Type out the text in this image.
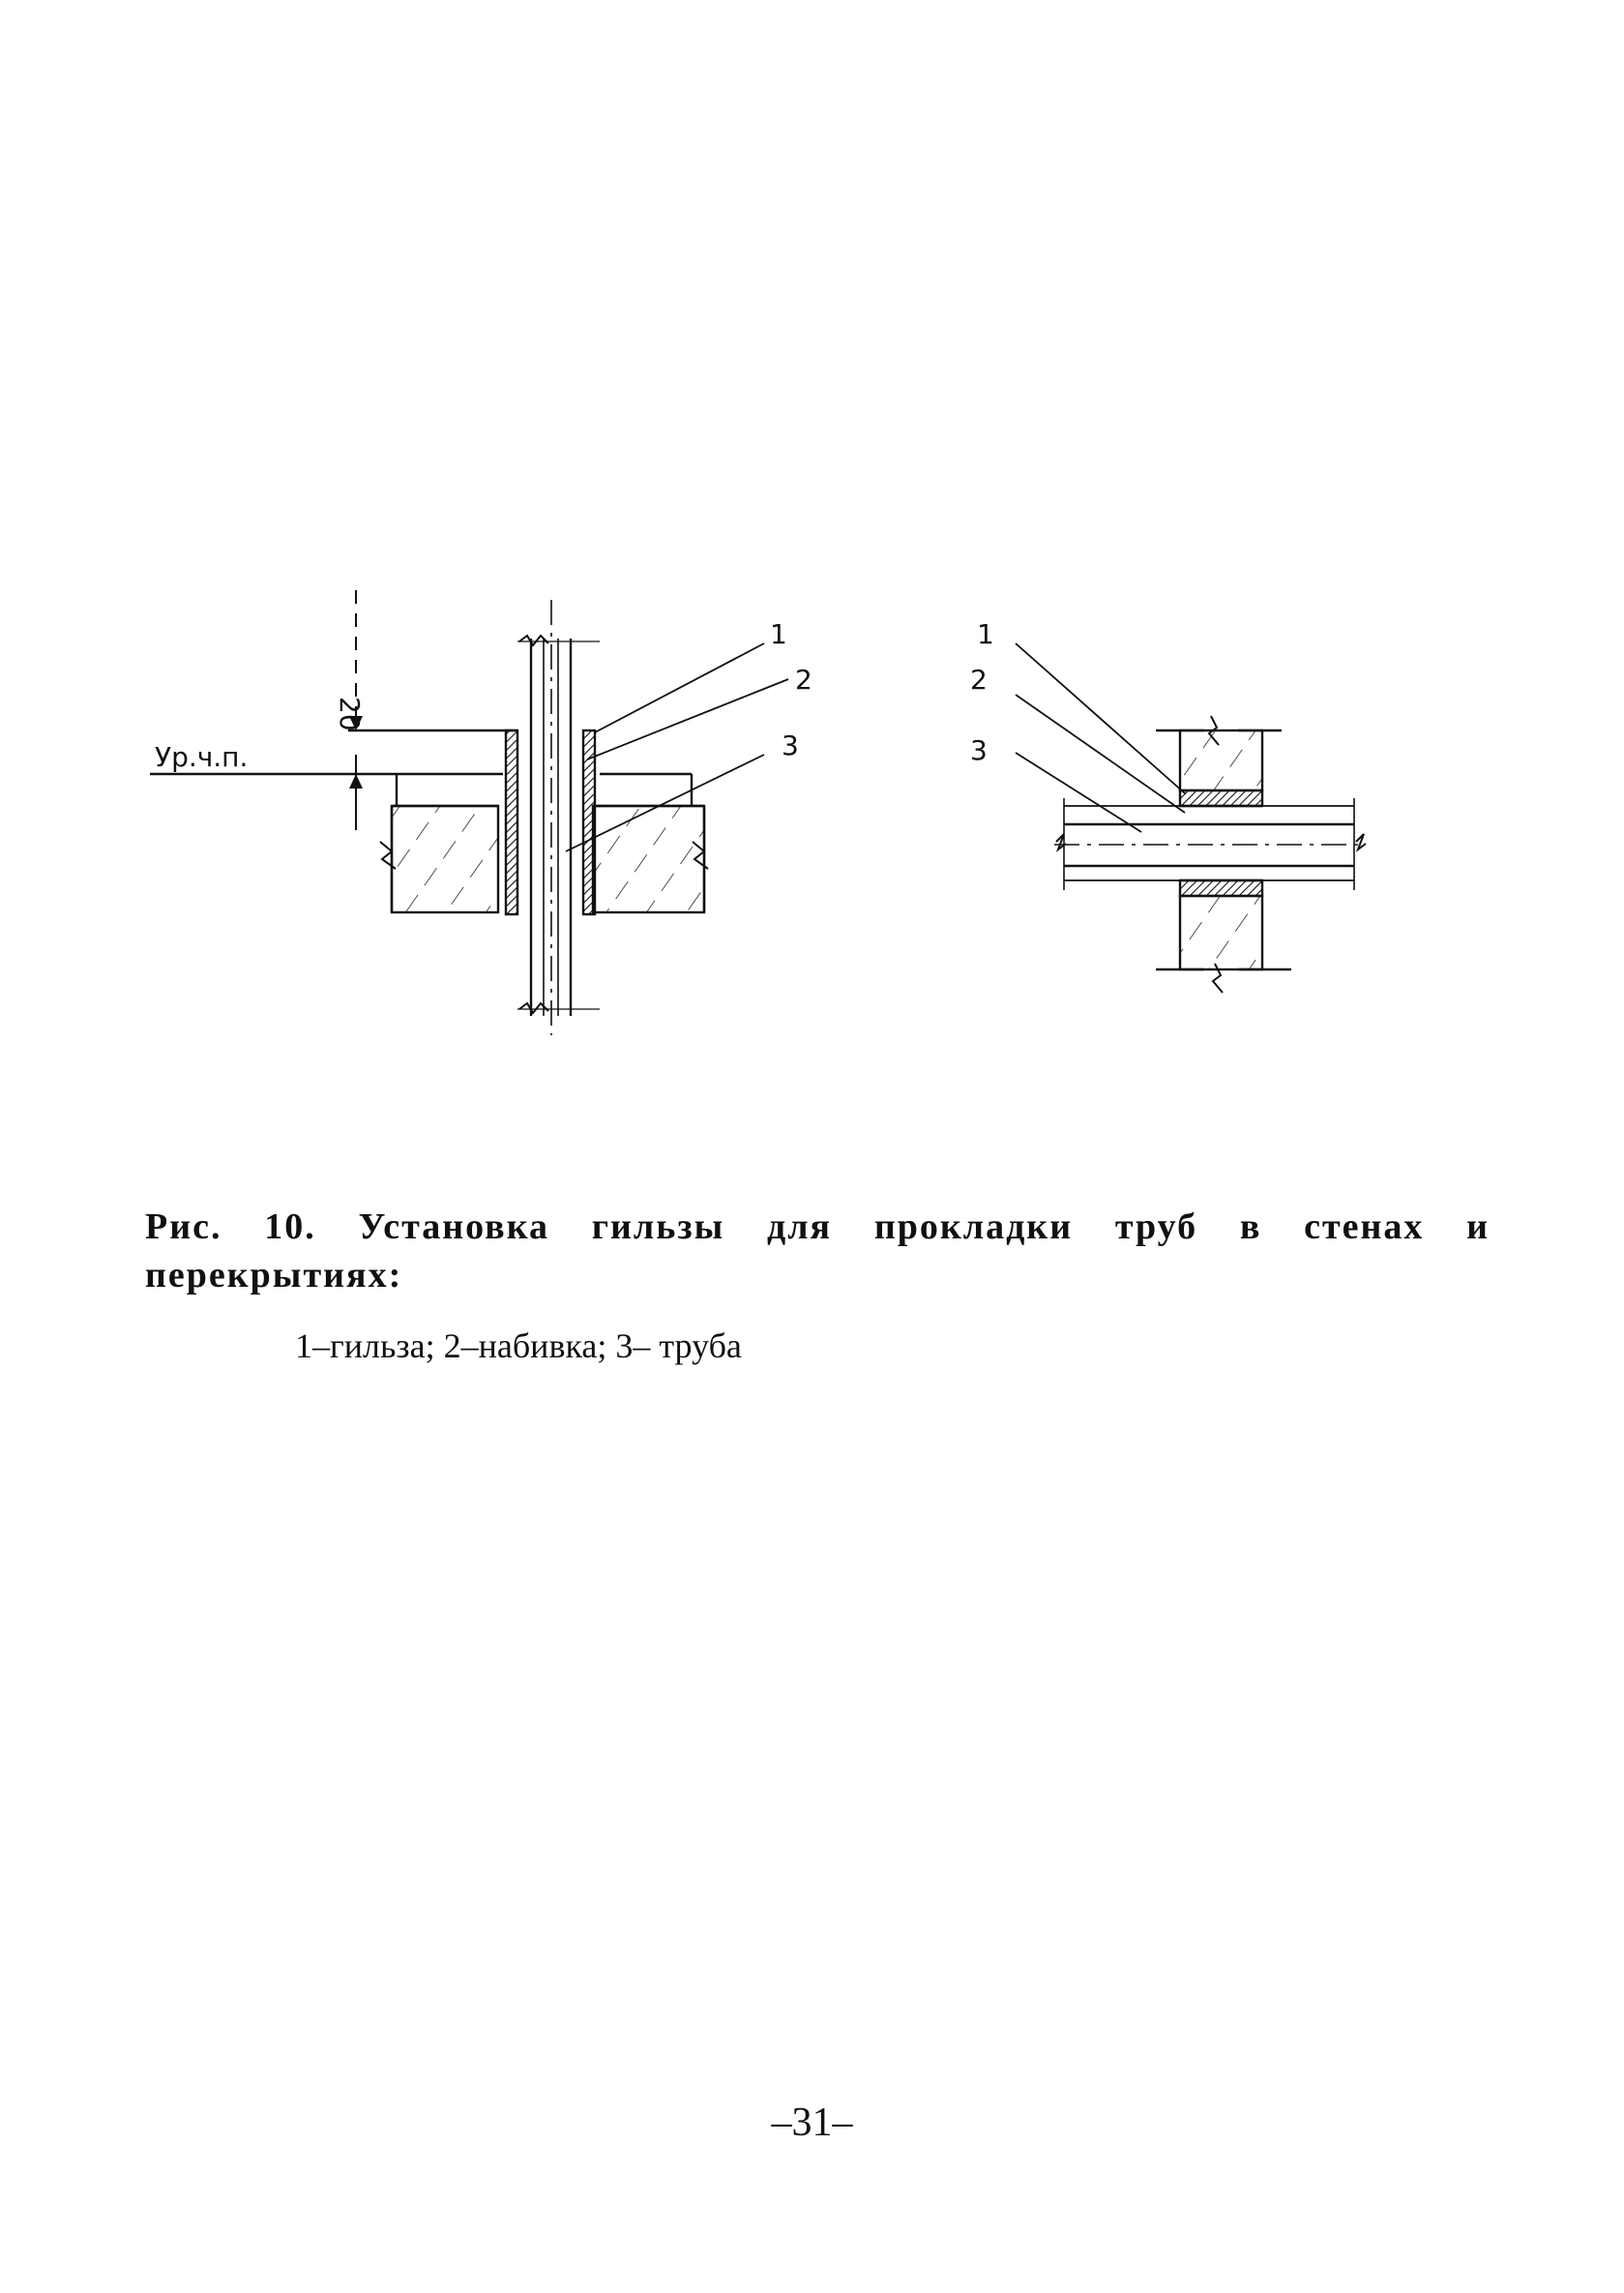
20
Ур.ч.п.
1
2
3
1
2
3
Рис. 10. Установка гильзы для прокладки труб в стенах и
перекрытиях:
1–гильза; 2–набивка; 3– труба
–31–
